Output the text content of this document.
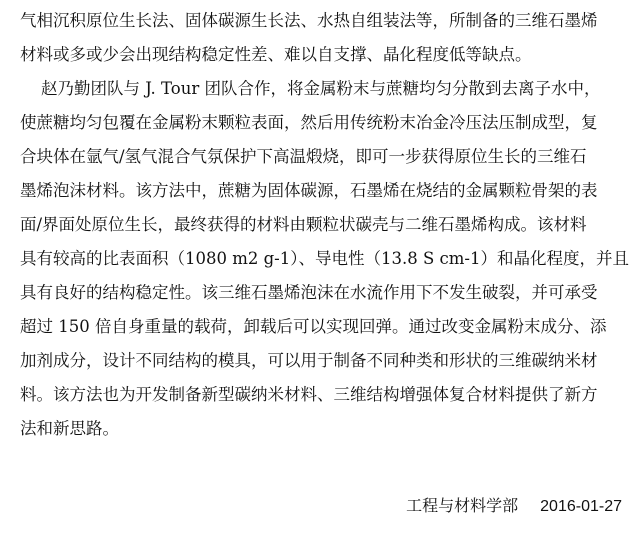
气相沉积原位生长法、固体碳源生长法、水热自组装法等，所制备的三维石墨烯
材料或多或少会出现结构稳定性差、难以自支撑、晶化程度低等缺点。
赵乃勤团队与 J. Tour 团队合作，将金属粉末与蔗糖均匀分散到去离子水中，
使蔗糖均匀包覆在金属粉末颗粒表面，然后用传统粉末冶金冷压法压制成型，复
合块体在氩气/氢气混合气氛保护下高温煅烧，即可一步获得原位生长的三维石
墨烯泡沫材料。该方法中，蔗糖为固体碳源，石墨烯在烧结的金属颗粒骨架的表
面/界面处原位生长，最终获得的材料由颗粒状碳壳与二维石墨烯构成。该材料
具有较高的比表面积（1080 m2 g-1）、导电性（13.8 S cm-1）和晶化程度，并且
具有良好的结构稳定性。该三维石墨烯泡沫在水流作用下不发生破裂，并可承受
超过 150 倍自身重量的载荷，卸载后可以实现回弹。通过改变金属粉末成分、添
加剂成分，设计不同结构的模具，可以用于制备不同种类和形状的三维碳纳米材
料。该方法也为开发制备新型碳纳米材料、三维结构增强体复合材料提供了新方
法和新思路。
工程与材料学部 2016-01-27
